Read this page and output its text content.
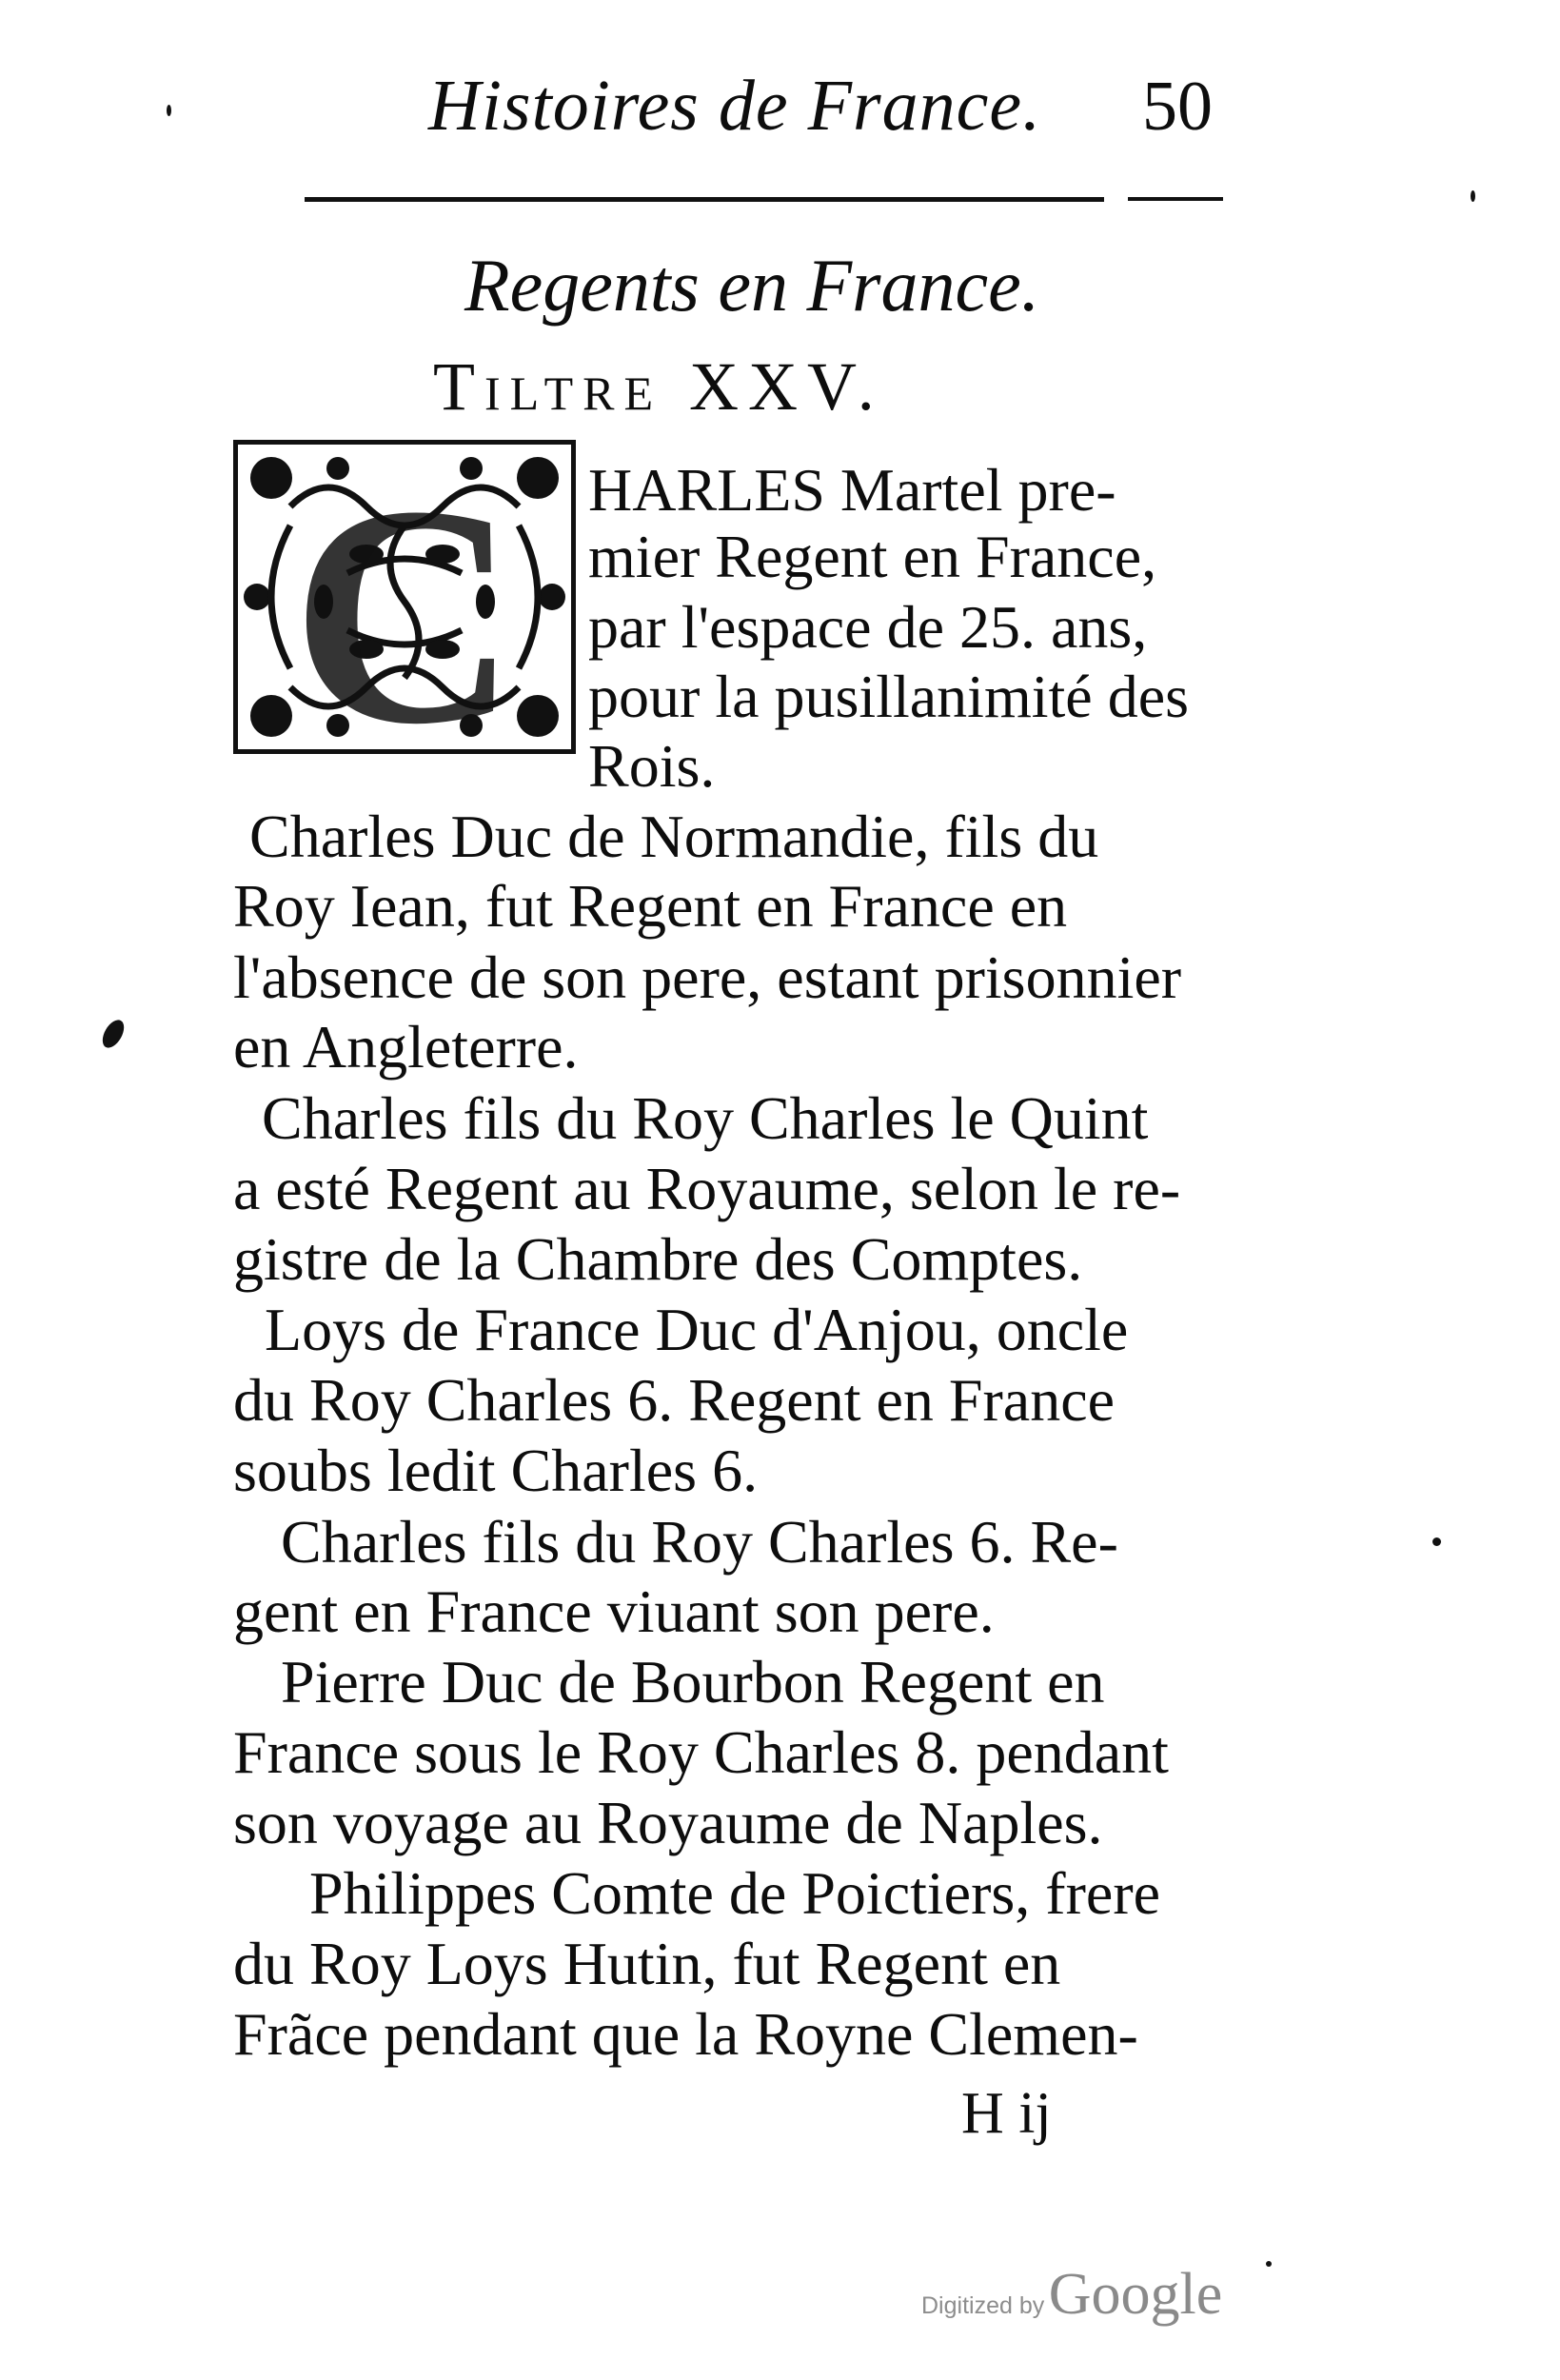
Histoires de France. 50
Regents en France.
Tiltre XXV.
C HARLES Martel pre-
mier Regent en France,
par l'espace de 25. ans,
pour la pusillanimité des
Rois.
Charles Duc de Normandie, fils du
Roy Iean, fut Regent en France en
l'absence de son pere, estant prisonnier
en Angleterre.
Charles fils du Roy Charles le Quint
a esté Regent au Royaume, selon le re-
gistre de la Chambre des Comptes.
Loys de France Duc d'Anjou, oncle
du Roy Charles 6. Regent en France
soubs ledit Charles 6.
Charles fils du Roy Charles 6. Re-
gent en France viuant son pere.
Pierre Duc de Bourbon Regent en
France sous le Roy Charles 8. pendant
son voyage au Royaume de Naples.
Philippes Comte de Poictiers, frere
du Roy Loys Hutin, fut Regent en
Frãce pendant que la Royne Clemen-
H ij
Digitized by Google
